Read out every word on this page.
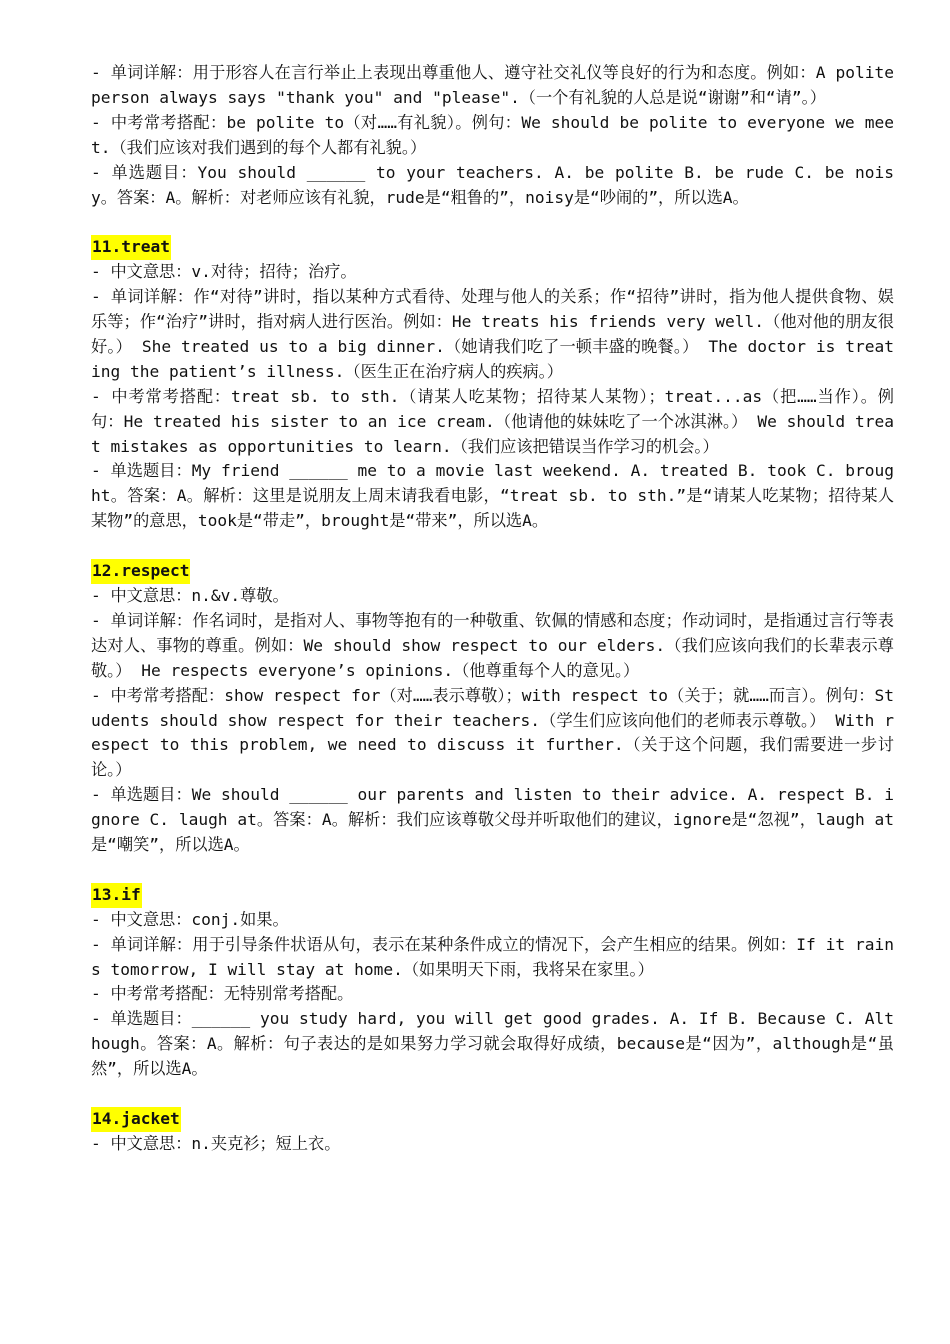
- 单词详解：用于形容人在言行举止上表现出尊重他人、遵守社交礼仪等良好的行为和态度。例如：A polite person always says "thank you" and "please".（一个有礼貌的人总是说“谢谢”和“请”。）

- 中考常考搭配：be polite to（对……有礼貌）。例句：We should be polite to everyone we meet.（我们应该对我们遇到的每个人都有礼貌。）

- 单选题目：You should ______ to your teachers. A. be polite B. be rude C. be noisy。答案：A。解析：对老师应该有礼貌，rude是“粗鲁的”，noisy是“吵闹的”，所以选A。

11.treat

- 中文意思：v.对待；招待；治疗。

- 单词详解：作“对待”讲时，指以某种方式看待、处理与他人的关系；作“招待”讲时，指为他人提供食物、娱乐等；作“治疗”讲时，指对病人进行医治。例如：He treats his friends very well.（他对他的朋友很好。） She treated us to a big dinner.（她请我们吃了一顿丰盛的晚餐。） The doctor is treating the patient’s illness.（医生正在治疗病人的疾病。）

- 中考常考搭配：treat sb. to sth.（请某人吃某物；招待某人某物）；treat...as（把……当作）。例句：He treated his sister to an ice cream.（他请他的妹妹吃了一个冰淇淋。） We should treat mistakes as opportunities to learn.（我们应该把错误当作学习的机会。）

- 单选题目：My friend ______ me to a movie last weekend. A. treated B. took C. brought。答案：A。解析：这里是说朋友上周末请我看电影，“treat sb. to sth.”是“请某人吃某物；招待某人某物”的意思，took是“带走”，brought是“带来”，所以选A。

12.respect

- 中文意思：n.&v.尊敬。

- 单词详解：作名词时，是指对人、事物等抱有的一种敬重、钦佩的情感和态度；作动词时，是指通过言行等表达对人、事物的尊重。例如：We should show respect to our elders.（我们应该向我们的长辈表示尊敬。） He respects everyone’s opinions.（他尊重每个人的意见。）

- 中考常考搭配：show respect for（对……表示尊敬）；with respect to（关于；就……而言）。例句：Students should show respect for their teachers.（学生们应该向他们的老师表示尊敬。） With respect to this problem, we need to discuss it further.（关于这个问题，我们需要进一步讨论。）

- 单选题目：We should ______ our parents and listen to their advice. A. respect B. ignore C. laugh at。答案：A。解析：我们应该尊敬父母并听取他们的建议，ignore是“忽视”，laugh at是“嘲笑”，所以选A。

13.if

- 中文意思：conj.如果。

- 单词详解：用于引导条件状语从句，表示在某种条件成立的情况下，会产生相应的结果。例如：If it rains tomorrow, I will stay at home.（如果明天下雨，我将呆在家里。）

- 中考常考搭配：无特别常考搭配。

- 单选题目：______ you study hard, you will get good grades. A. If B. Because C. Although。答案：A。解析：句子表达的是如果努力学习就会取得好成绩，because是“因为”，although是“虽然”，所以选A。

14.jacket

- 中文意思：n.夹克衫；短上衣。
